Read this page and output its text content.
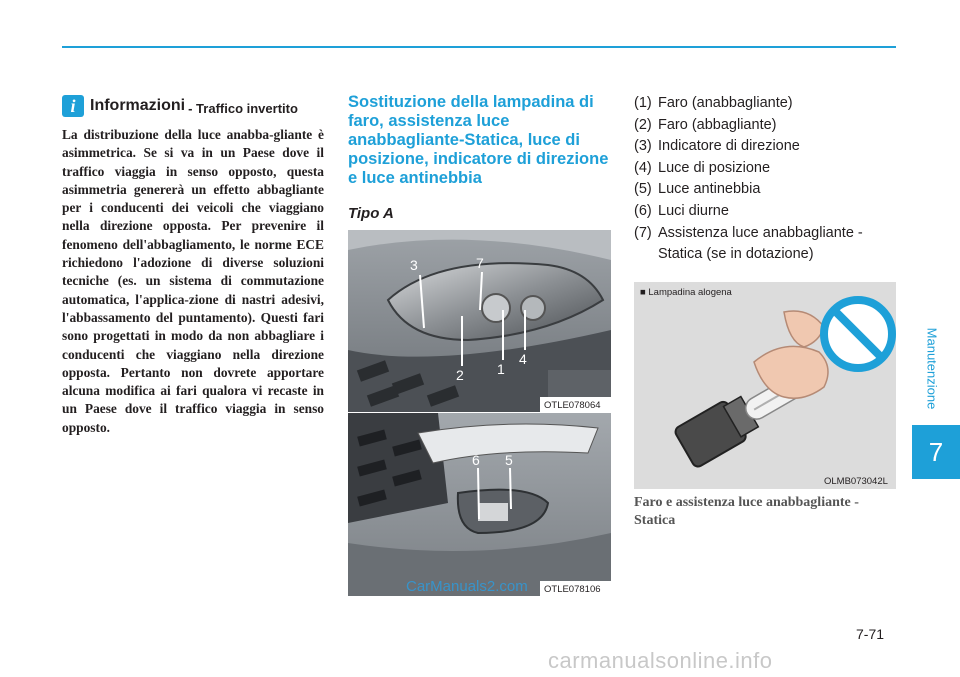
Manutenzione
7
i Informazioni - Traffico invertito
La distribuzione della luce anabba-gliante è asimmetrica. Se si va in un Paese dove il traffico viaggia in senso opposto, questa asimmetria genererà un effetto abbagliante per i conducenti dei veicoli che viaggiano nella direzione opposta. Per prevenire il fenomeno dell'abbagliamento, le norme ECE richiedono l'adozione di diverse soluzioni tecniche (es. un sistema di commutazione automatica, l'applica-zione di nastri adesivi, l'abbassamento del puntamento). Questi fari sono progettati in modo da non abbagliare i conducenti che viaggiano nella direzione opposta. Pertanto non dovrete apportare alcuna modifica ai fari qualora vi recaste in un Paese dove il traffico viaggia in senso opposto.
Sostituzione della lampadina di faro, assistenza luce anabbagliante-Statica, luce di posizione, indicatore di direzione e luce antinebbia
Tipo A
3	7
2 1
4
OTLE078064
6 5
CarManuals2.com OTLE078106
(1) Faro (anabbagliante)
(2) Faro (abbagliante)
(3) Indicatore di direzione
(4) Luce di posizione
(5) Luce antinebbia
(6) Luci diurne
(7) Assistenza luce anabbagliante - Statica (se in dotazione)
■ Lampadina alogena
OLMB073042L
Faro e assistenza luce anabbagliante - Statica
7-71
carmanualsonline.info
